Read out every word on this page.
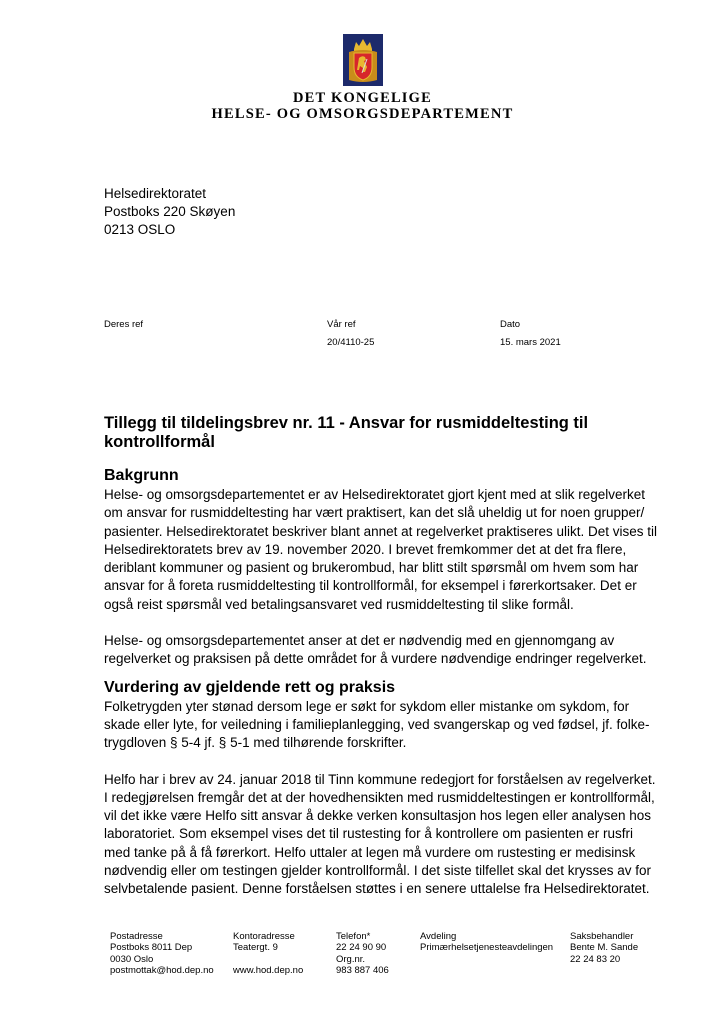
DET KONGELIGE
HELSE- OG OMSORGSDEPARTEMENT
Helsedirektoratet
Postboks 220 Skøyen
0213 OSLO
Deres ref	Vår ref
20/4110-25
Dato
15. mars 2021
Tillegg til tildelingsbrev nr. 11 - Ansvar for rusmiddeltesting til kontrollformål
Bakgrunn

Helse- og omsorgsdepartementet er av Helsedirektoratet gjort kjent med at slik regelverket
om ansvar for rusmiddeltesting har vært praktisert, kan det slå uheldig ut for noen grupper/
pasienter. Helsedirektoratet beskriver blant annet at regelverket praktiseres ulikt. Det vises til
Helsedirektoratets brev av 19. november 2020. I brevet fremkommer det at det fra flere,
deriblant kommuner og pasient og brukerombud, har blitt stilt spørsmål om hvem som har
ansvar for å foreta rusmiddeltesting til kontrollformål, for eksempel i førerkortsaker. Det er
også reist spørsmål ved betalingsansvaret ved rusmiddeltesting til slike formål.

Helse- og omsorgsdepartementet anser at det er nødvendig med en gjennomgang av
regelverket og praksisen på dette området for å vurdere nødvendige endringer regelverket.

Vurdering av gjeldende rett og praksis

Folketrygden yter stønad dersom lege er søkt for sykdom eller mistanke om sykdom, for
skade eller lyte, for veiledning i familieplanlegging, ved svangerskap og ved fødsel, jf. folke-
trygdloven § 5-4 jf. § 5-1 med tilhørende forskrifter.

Helfo har i brev av 24. januar 2018 til Tinn kommune redegjort for forståelsen av regelverket.
I redegjørelsen fremgår det at der hovedhensikten med rusmiddeltestingen er kontrollformål,
vil det ikke være Helfo sitt ansvar å dekke verken konsultasjon hos legen eller analysen hos
laboratoriet. Som eksempel vises det til rustesting for å kontrollere om pasienten er rusfri
med tanke på å få førerkort. Helfo uttaler at legen må vurdere om rustesting er medisinsk
nødvendig eller om testingen gjelder kontrollformål. I det siste tilfellet skal det krysses av for
selvbetalende pasient. Denne forståelsen støttes i en senere uttalelse fra Helsedirektoratet.

Postadresse
Postboks 8011 Dep
0030 Oslo
postmottak@hod.dep.no
Kontoradresse
Teatergt. 9

www.hod.dep.no
Telefon*
22 24 90 90
Org.nr.
983 887 406
Avdeling
Primærhelsetjenesteavdelingen
Saksbehandler
Bente M. Sande
22 24 83 20
